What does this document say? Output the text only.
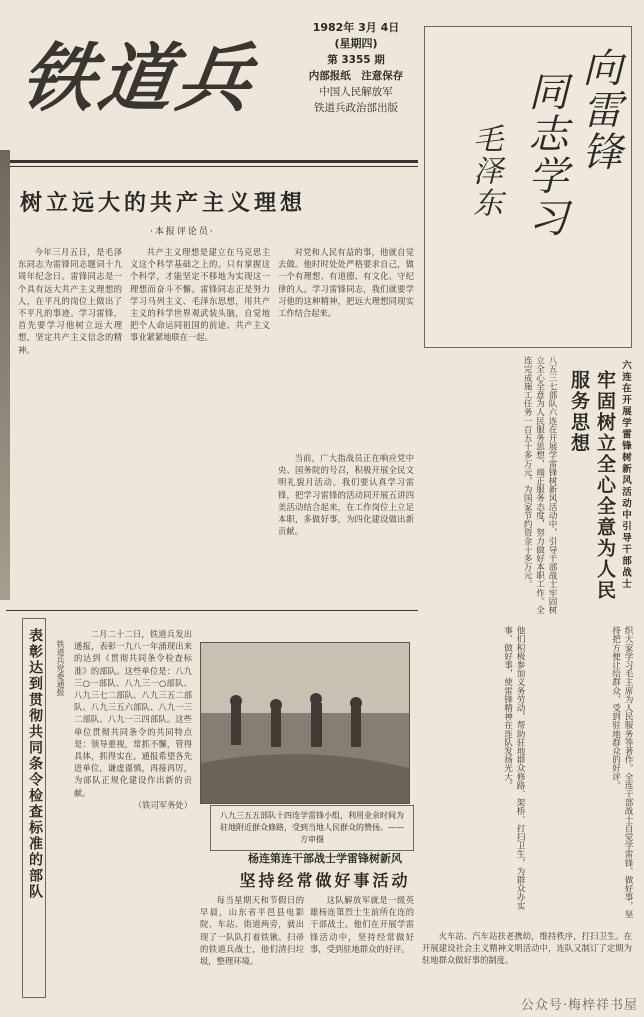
铁道兵
1982年 3月 4日
(星期四)
第 3355 期
内部报纸　注意保存
中国人民解放军
铁道兵政治部出版	向雷锋
同志学习
毛泽东
树立远大的共产主义理想
·本报评论员·

今年三月五日，是毛泽东同志为雷锋同志题词十九周年纪念日。雷锋同志是一个具有远大共产主义理想的人，在平凡的岗位上做出了不平凡的事迹。学习雷锋，首先要学习他树立远大理想，坚定共产主义信念的精神。

共产主义理想是建立在马克思主义这个科学基础之上的。只有掌握这个科学，才能坚定不移地为实现这一理想而奋斗不懈。雷锋同志正是努力学习马列主义、毛泽东思想，用共产主义的科学世界观武装头脑，自觉地把个人命运同祖国的前途、共产主义事业紧紧地联在一起。

对党和人民有益的事，他就自觉去做。他时时处处严格要求自己，做一个有理想、有道德、有文化、守纪律的人。学习雷锋同志，我们就要学习他的这种精神，把远大理想同现实工作结合起来。

当前，广大指战员正在响应党中央、国务院的号召，积极开展全民文明礼貌月活动。我们要认真学习雷锋，把学习雷锋的活动同开展五讲四美活动结合起来，在工作岗位上立足本职，多做好事，为四化建设做出新贡献。	六连在开展学雷锋树新风活动中引导干部战士
牢固树立全心全意为人民服务思想
八五三七部队六连在开展学雷锋树新风活动中，引导干部战士牢固树立全心全意为人民服务思想，端正服务态度，努力做好本职工作。全连完成施工任务一百五十多万元，为国家节约资金十多万元。
织大家学习毛主席为人民服务等著作。全连干部战士自觉学雷锋、做好事，坚持把方便让给群众，受到驻地群众的好评。
他们积极参加义务劳动，帮助驻地群众修路、架桥、打扫卫生，为群众办实事、做好事，使雷锋精神在连队发扬光大。
表彰达到贯彻共同条令检查标准的部队	铁道兵党委通报

二月二十二日，铁道兵发出通报，表彰一九八一年涌现出来的达到《贯彻共同条令检查标准》的部队。这些单位是：八九三○一部队、八九三一○部队、八九三七二部队、八九三五二部队、八九三五六部队、八九一三二部队、八九一三四部队。这些单位贯彻共同条令的共同特点是：领导重视，常抓不懈，管得具体，抓得实在。通报希望各先进单位，谦虚谨慎，再接再厉，为部队正规化建设作出新的贡献。

（铁司军务处）

八九三五五部队十四连学雷锋小组，利用业余时间为驻地附近群众修路，受到当地人民群众的赞扬。——方审摄
杨连第连干部战士学雷锋树新风
坚持经常做好事活动

每当星期天和节假日的早晨，山东省平邑县电影院、车站、街道两旁，就出现了一队队打着铁锹、扫帚的铁道兵战士，他们清扫垃圾，整理环境。

这队解放军就是一级英雄杨连第烈士生前所在连的干部战士。他们在开展学雷锋活动中，坚持经常做好事，受到驻地群众的好评。

火车站、汽车站扶老携幼，维持秩序，打扫卫生。在开展建设社会主义精神文明活动中，连队又制订了定期为驻地群众做好事的制度。

公众号·梅梓祥书屋
